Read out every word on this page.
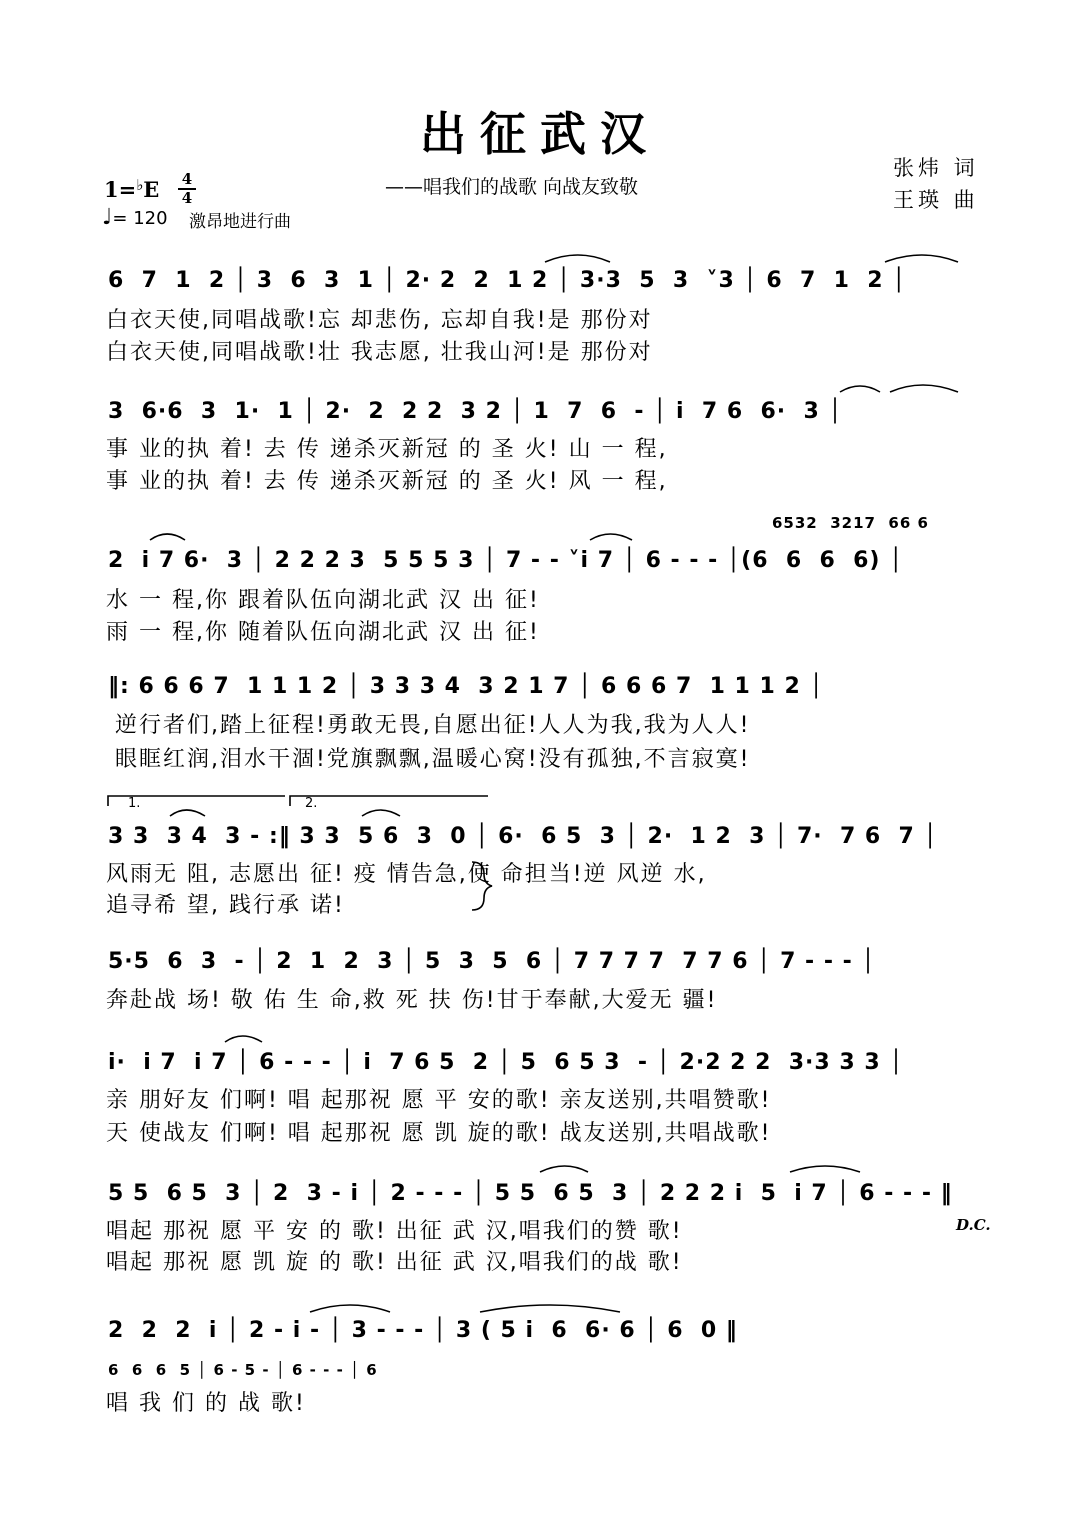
出征武汉
——唱我们的战歌 向战友致敬
张炜 词
王瑛 曲
1=♭E 4
4
♩= 120 激昂地进行曲
6  7  1  2 │ 3  6  3  1 │ 2· 2  2  1 2 │ 3·3  5  3  ˅3 │ 6  7  1  2 │
白衣天使,同唱战歌!忘 却悲伤, 忘却自我!是 那份对
白衣天使,同唱战歌!壮 我志愿, 壮我山河!是 那份对
3  6·6  3  1·  1 │ 2·  2  2 2  3 2 │ 1  7  6  - │ i  7 6  6·  3 │
事 业的执 着! 去 传 递杀灭新冠 的 圣 火! 山 一 程,
事 业的执 着! 去 传 递杀灭新冠 的 圣 火! 风 一 程,
6532  3217  66 6
2  i 7 6·  3 │ 2 2 2 3  5 5 5 3 │ 7 - - ˅i 7 │ 6 - - - │(6  6  6  6) │
水 一 程,你 跟着队伍向湖北武 汉 出 征!
雨 一 程,你 随着队伍向湖北武 汉 出 征!
‖: 6 6 6 7  1 1 1 2 │ 3 3 3 4  3 2 1 7 │ 6 6 6 7  1 1 1 2 │
逆行者们,踏上征程!勇敢无畏,自愿出征!人人为我,我为人人!
眼眶红润,泪水干涸!党旗飘飘,温暖心窝!没有孤独,不言寂寞!
1.	2.
3 3  3 4  3 - :‖ 3 3  5 6  3  0 │ 6·  6 5  3 │ 2·  1 2  3 │ 7·  7 6  7 │
风雨无 阻, 志愿出 征! 疫 情告急,使 命担当!逆 风逆 水,
追寻希 望, 践行承 诺!
5·5  6  3  - │ 2  1  2  3 │ 5  3  5  6 │ 7 7 7 7  7 7 6 │ 7 - - - │
奔赴战 场! 敬 佑 生 命,救 死 扶 伤!甘于奉献,大爱无 疆!
i·  i 7  i 7 │ 6 - - - │ i  7 6 5  2 │ 5  6 5 3  - │ 2·2 2 2  3·3 3 3 │
亲 朋好友 们啊! 唱 起那祝 愿 平 安的歌! 亲友送别,共唱赞歌!
天 使战友 们啊! 唱 起那祝 愿 凯 旋的歌! 战友送别,共唱战歌!
5 5  6 5  3 │ 2  3 - i │ 2 - - - │ 5 5  6 5  3 │ 2 2 2 i  5  i 7 │ 6 - - - ‖
唱起 那祝 愿 平 安 的 歌! 出征 武 汉,唱我们的赞 歌!
唱起 那祝 愿 凯 旋 的 歌! 出征 武 汉,唱我们的战 歌!
D.C.
2  2  2  i │ 2 - i - │ 3 - - - │ 3 ( 5 i  6  6· 6 │ 6  0 ‖
6  6  6  5 │ 6 - 5 - │ 6 - - - │ 6
唱 我 们 的 战 歌!
